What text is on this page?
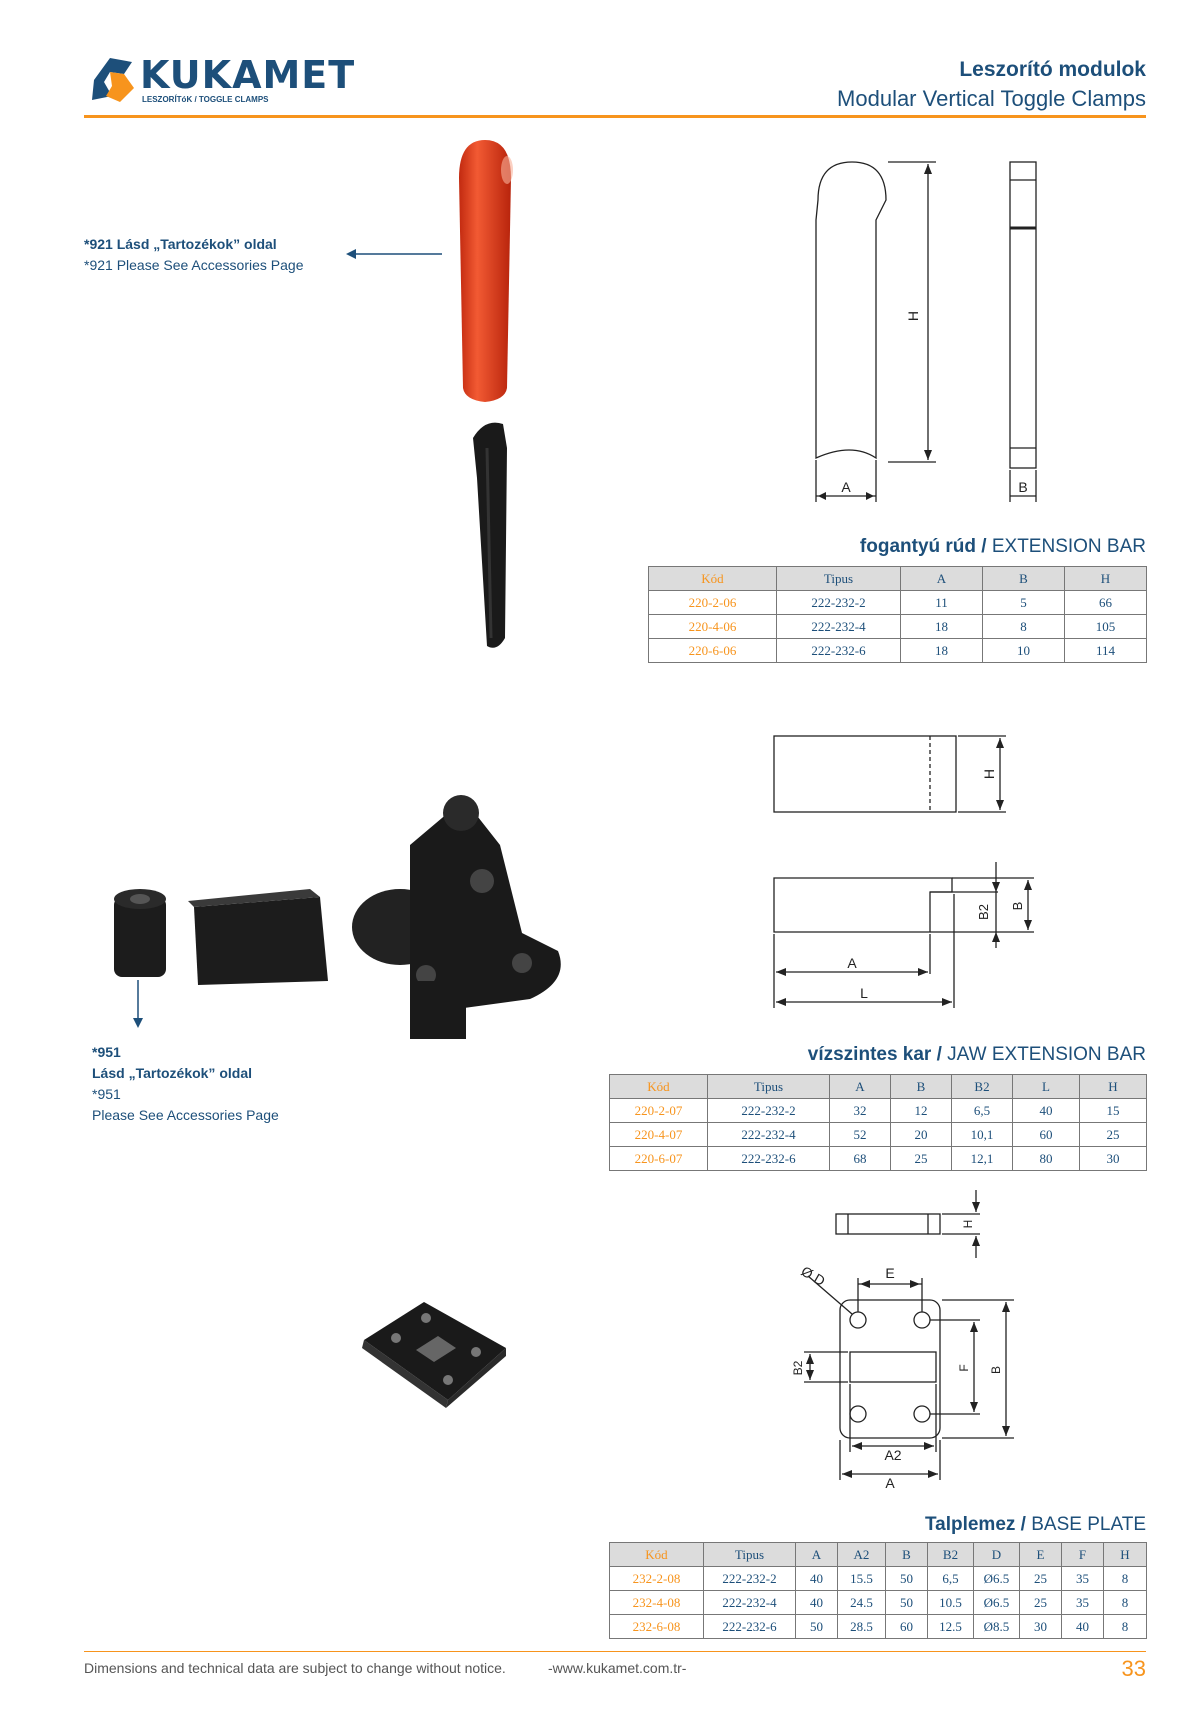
KUKAMET
LESZORÍTóK / TOGGLE CLAMPS
Leszorító modulok
Modular Vertical Toggle Clamps
*921 Lásd „Tartozékok” oldal
*921 Please See Accessories Page
A	B
H
fogantyú rúd / EXTENSION BAR
Kód	Tipus	A	B	H
220-2-06	222-232-2	11	5	66
220-4-06	222-232-4	18	8	105
220-6-06	222-232-6	18	10	114
H
A
L
B2 B
*951
Lásd „Tartozékok” oldal
*951
Please See Accessories Page
vízszintes kar / JAW EXTENSION BAR
Kód	Tipus	A	B	B2	L	H
220-2-07	222-232-2	32	12	6,5	40	15
220-4-07	222-232-4	52	20	10,1	60	25
220-6-07	222-232-6	68	25	12,1	80	30
H
E
Ø D
B2	F B
A2
A
Talplemez / BASE PLATE
Kód	Tipus	A	A2	B	B2	D	E	F	H
232-2-08	222-232-2	40	15.5	50	6,5	Ø6.5	25	35	8
232-4-08	222-232-4	40	24.5	50	10.5	Ø6.5	25	35	8
232-6-08	222-232-6	50	28.5	60	12.5	Ø8.5	30	40	8
Dimensions and technical data are subject to change without notice.	-www.kukamet.com.tr-	33
